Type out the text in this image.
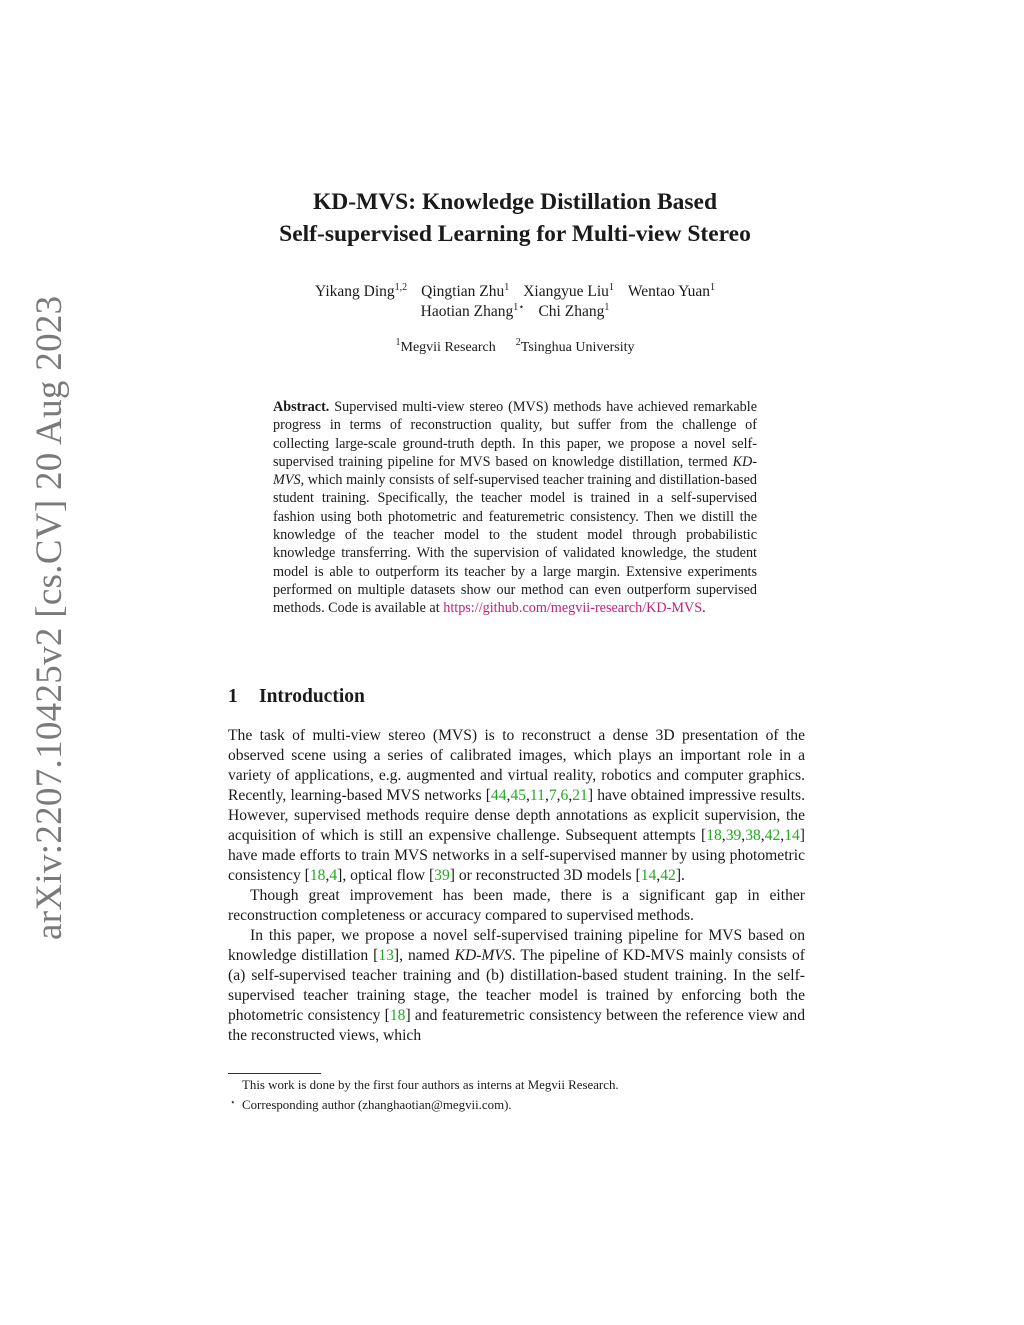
arXiv:2207.10425v2 [cs.CV] 20 Aug 2023
KD-MVS: Knowledge Distillation Based
Self-supervised Learning for Multi-view Stereo
Yikang Ding$^{1,2}$ Qingtian Zhu$^1$ Xiangyue Liu$^1$ Wentao Yuan$^1$
Haotian Zhang$^{1⋆}$ Chi Zhang$^1$
$^1$Megvii Research $^2$Tsinghua University
Abstract. Supervised multi-view stereo (MVS) methods have achieved remarkable progress in terms of reconstruction quality, but suffer from the challenge of collecting large-scale ground-truth depth. In this paper, we propose a novel self-supervised training pipeline for MVS based on knowledge distillation, termed KD-MVS, which mainly consists of self-supervised teacher training and distillation-based student training. Specifically, the teacher model is trained in a self-supervised fashion using both photometric and featuremetric consistency. Then we distill the knowledge of the teacher model to the student model through probabilistic knowledge transferring. With the supervision of validated knowledge, the student model is able to outperform its teacher by a large margin. Extensive experiments performed on multiple datasets show our method can even outperform supervised methods. Code is available at https://github.com/megvii-research/KD-MVS.
1 Introduction

The task of multi-view stereo (MVS) is to reconstruct a dense 3D presentation of the observed scene using a series of calibrated images, which plays an important role in a variety of applications, e.g. augmented and virtual reality, robotics and computer graphics. Recently, learning-based MVS networks [44,45,11,7,6,21] have obtained impressive results. However, supervised methods require dense depth annotations as explicit supervision, the acquisition of which is still an expensive challenge. Subsequent attempts [18,39,38,42,14] have made efforts to train MVS networks in a self-supervised manner by using photometric consistency [18,4], optical flow [39] or reconstructed 3D models [14,42].

Though great improvement has been made, there is a significant gap in either reconstruction completeness or accuracy compared to supervised methods.

In this paper, we propose a novel self-supervised training pipeline for MVS based on knowledge distillation [13], named KD-MVS. The pipeline of KD-MVS mainly consists of (a) self-supervised teacher training and (b) distillation-based student training. In the self-supervised teacher training stage, the teacher model is trained by enforcing both the photometric consistency [18] and featuremetric consistency between the reference view and the reconstructed views, which

This work is done by the first four authors as interns at Megvii Research.
⋆ Corresponding author (zhanghaotian@megvii.com).
